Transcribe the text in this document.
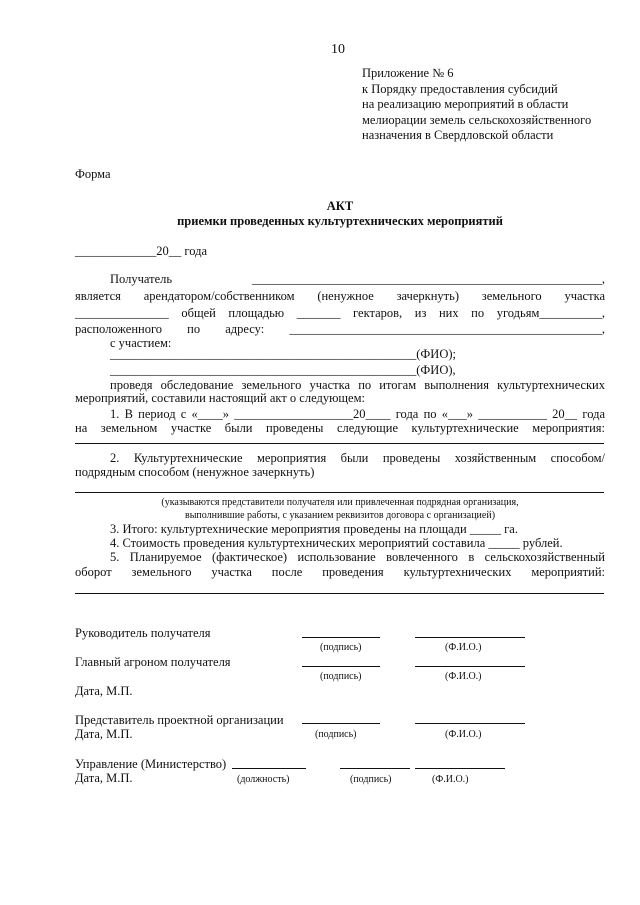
10
Приложение № 6
к Порядку предоставления субсидий
на реализацию мероприятий в области
мелиорации земель сельскохозяйственного
назначения в Свердловской области
Форма
АКТ
приемки проведенных культуртехнических мероприятий
_____________20__ года
Получатель ________________________________________________________,
является арендатором/собственником (ненужное зачеркнуть) земельного участка
_______________ общей площадью _______ гектаров, из них по угодьям__________,
расположенного по адресу: __________________________________________________,
с участием:
_________________________________________________(ФИО);
_________________________________________________(ФИО),
проведя обследование земельного участка по итогам выполнения культуртехнических
мероприятий, составили настоящий акт о следующем:
1. В период с «____» ___________________20____ года по «___» ___________ 20__ года
на земельном участке были проведены следующие культуртехнические мероприятия:
2. Культуртехнические мероприятия были проведены хозяйственным способом/
подрядным способом (ненужное зачеркнуть)
(указываются представители получателя или привлеченная подрядная организация,
выполнившие работы, с указанием реквизитов договора с организацией)
3. Итого: культуртехнические мероприятия проведены на площади _____ га.
4. Стоимость проведения культуртехнических мероприятий составила _____ рублей.
5. Планируемое (фактическое) использование вовлеченного в сельскохозяйственный
оборот земельного участка после проведения культуртехнических мероприятий:
Руководитель получателя
(подпись)	(Ф.И.О.)
Главный агроном получателя
(подпись)	(Ф.И.О.)
Дата, М.П.
Представитель проектной организации
Дата, М.П.	(подпись)	(Ф.И.О.)
Управление (Министерство)
Дата, М.П.	(должность)	(подпись)	(Ф.И.О.)
